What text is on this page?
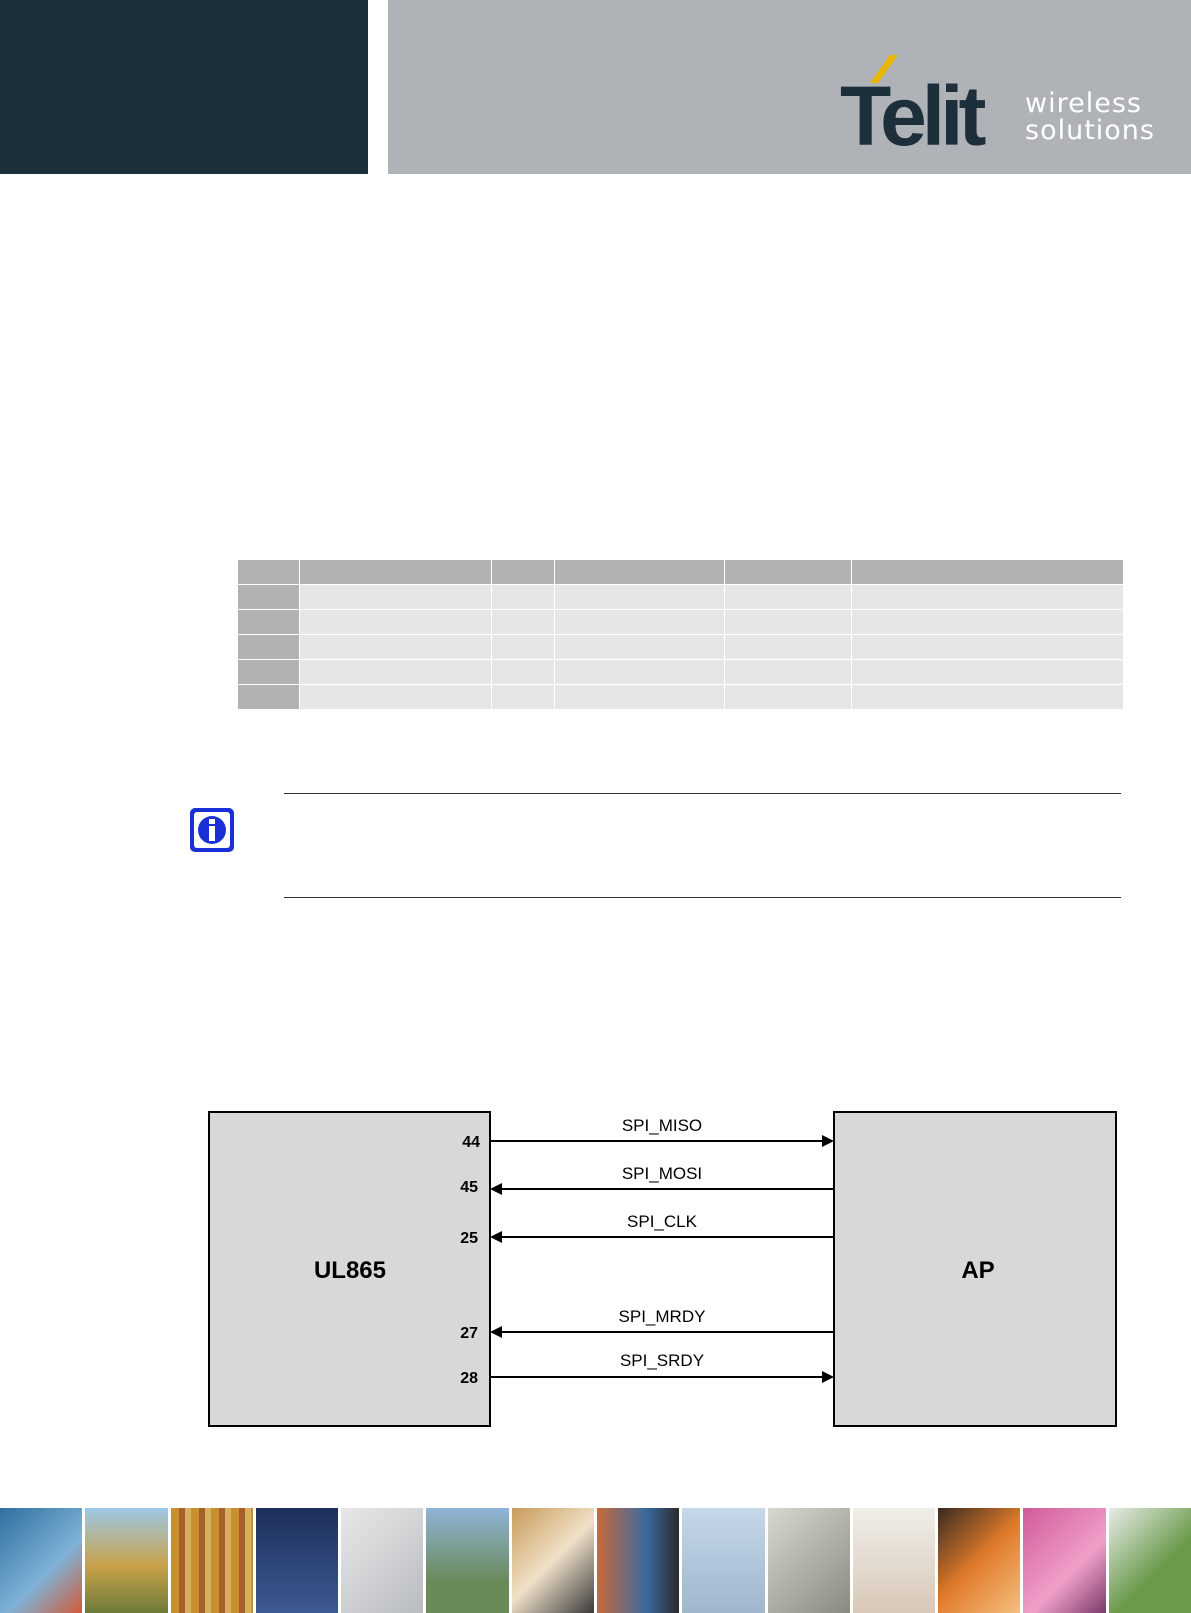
Telit wireless
solutions

UL865	AP
44
SPI_MISO
45
SPI_MOSI
25
SPI_CLK
27
SPI_MRDY
28
SPI_SRDY
